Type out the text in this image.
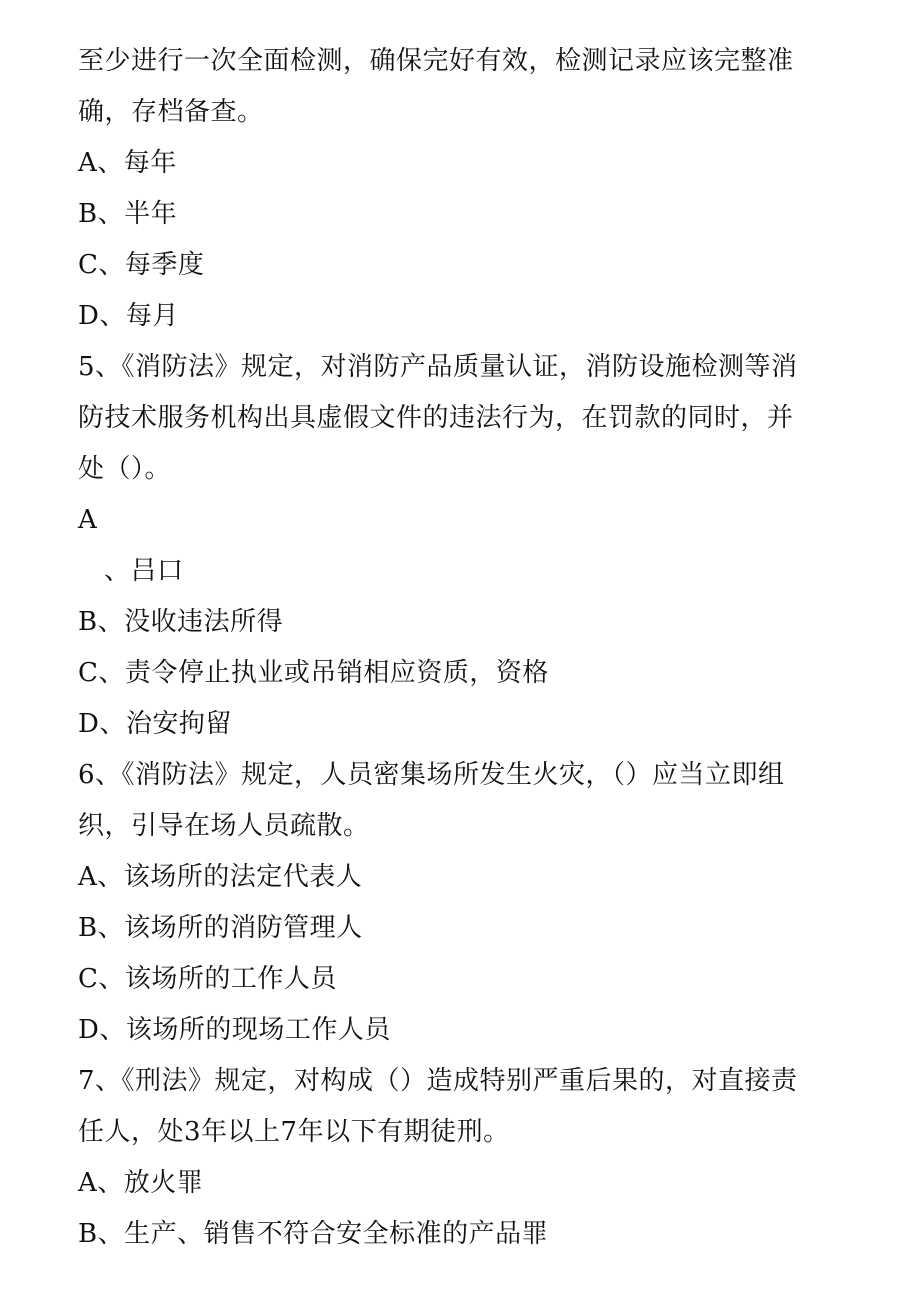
至少进行一次全面检测，确保完好有效，检测记录应该完整准
确，存档备查。
A、每年
B、半年
C、每季度
D、每月
5、《消防法》规定，对消防产品质量认证，消防设施检测等消
防技术服务机构出具虚假文件的违法行为，在罚款的同时，并
处（）。
A
、吕口
B、没收违法所得
C、责令停止执业或吊销相应资质，资格
D、治安拘留
6、《消防法》规定，人员密集场所发生火灾，（）应当立即组
织，引导在场人员疏散。
A、该场所的法定代表人
B、该场所的消防管理人
C、该场所的工作人员
D、该场所的现场工作人员
7、《刑法》规定，对构成（）造成特别严重后果的，对直接责
任人，处3年以上7年以下有期徒刑。
A、放火罪
B、生产、销售不符合安全标准的产品罪
